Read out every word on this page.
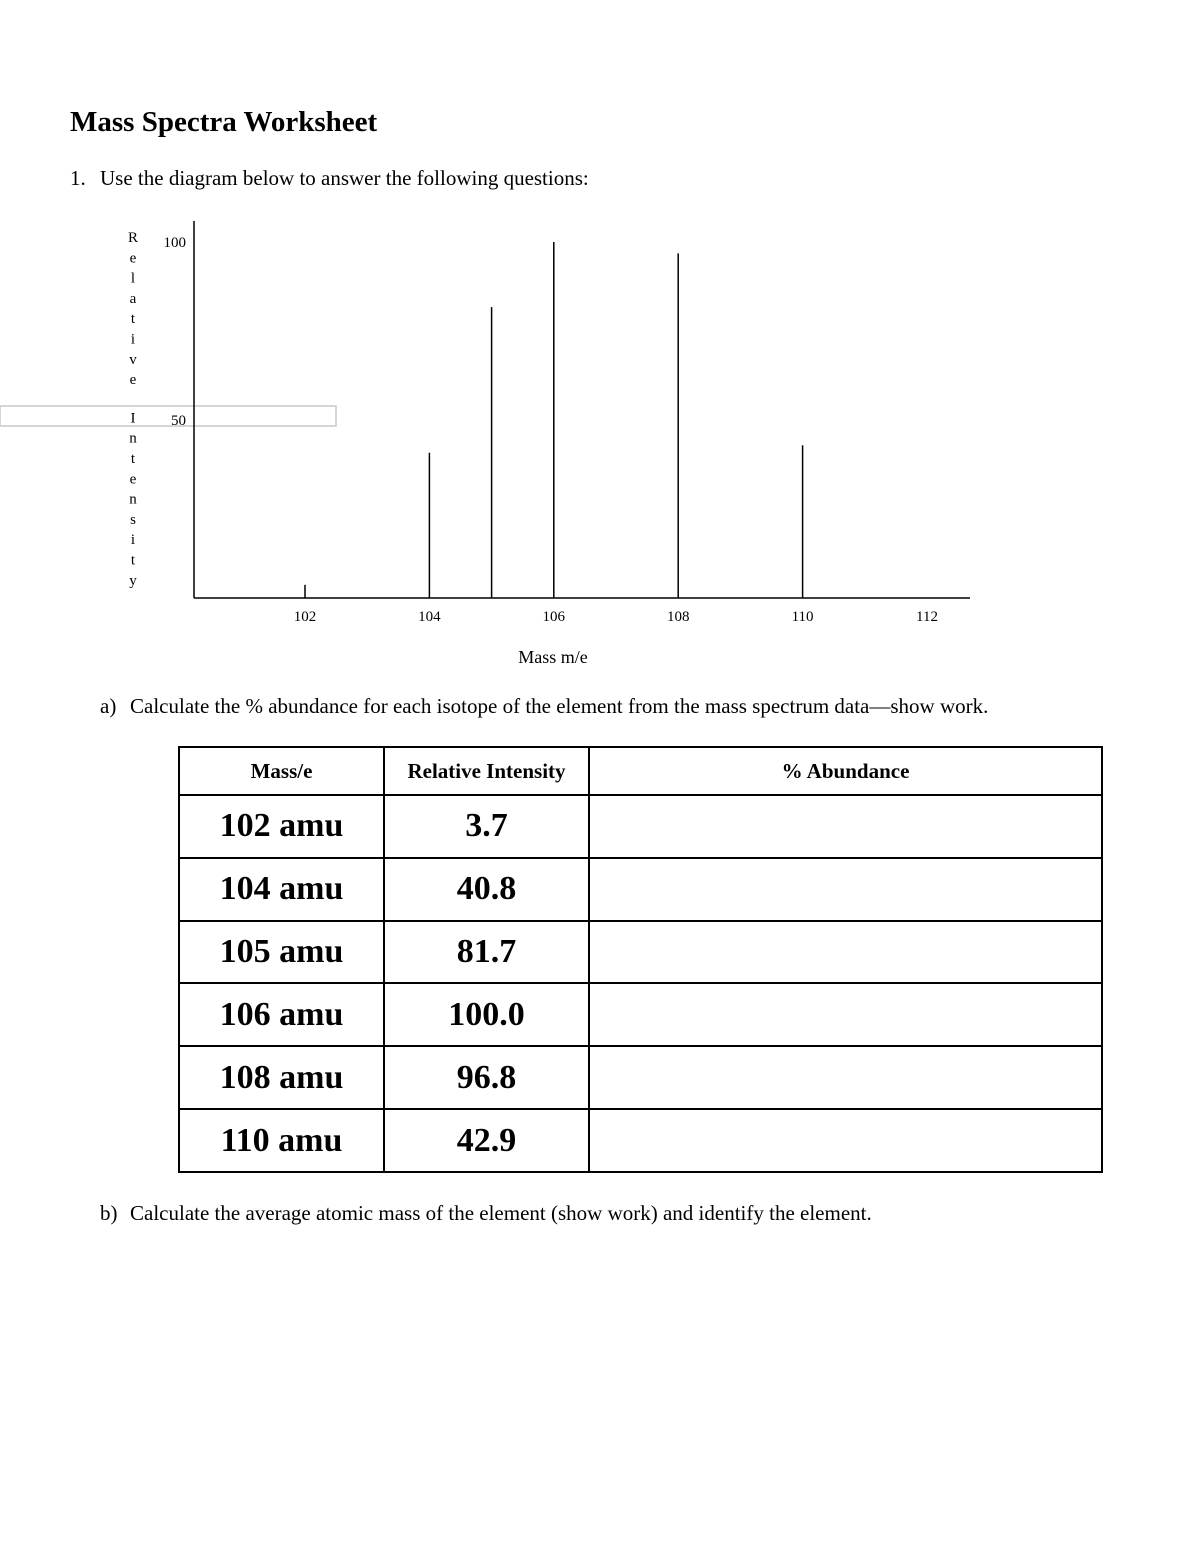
Mass Spectra Worksheet
1. Use the diagram below to answer the following questions:
R
e
l
a
t
i
v
e
I
n
t
e
n
s
i
t
y
50
100
102	104	106	108	110	112
Mass m/e
a) Calculate the % abundance for each isotope of the element from the mass spectrum data—show work.
Mass/e	Relative Intensity	% Abundance
102 amu	3.7	
104 amu	40.8	
105 amu	81.7	
106 amu	100.0	
108 amu	96.8	
110 amu	42.9	
b) Calculate the average atomic mass of the element (show work) and identify the element.
